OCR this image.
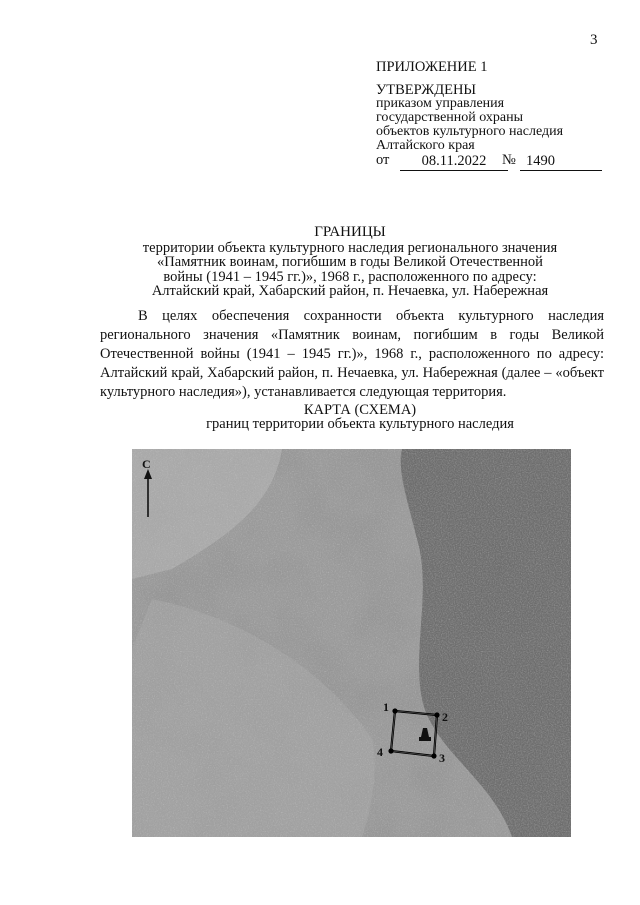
3
ПРИЛОЖЕНИЕ 1
УТВЕРЖДЕНЫ
приказом управления
государственной охраны
объектов культурного наследия
Алтайского края
от	08.11.2022	№ 1490
ГРАНИЦЫ
территории объекта культурного наследия регионального значения
«Памятник воинам, погибшим в годы Великой Отечественной
войны (1941 – 1945 гг.)», 1968 г., расположенного по адресу:
Алтайский край, Хабарский район, п. Нечаевка, ул. Набережная

В целях обеспечения сохранности объекта культурного наследия регионального значения «Памятник воинам, погибшим в годы Великой Отечественной войны (1941 – 1945 гг.)», 1968 г., расположенного по адресу: Алтайский край, Хабарский район, п. Нечаевка, ул. Набережная (далее – «объект культурного наследия»), устанавливается следующая территория.

КАРТА (СХЕМА)
границ территории объекта культурного наследия
С
1
2
3
4
